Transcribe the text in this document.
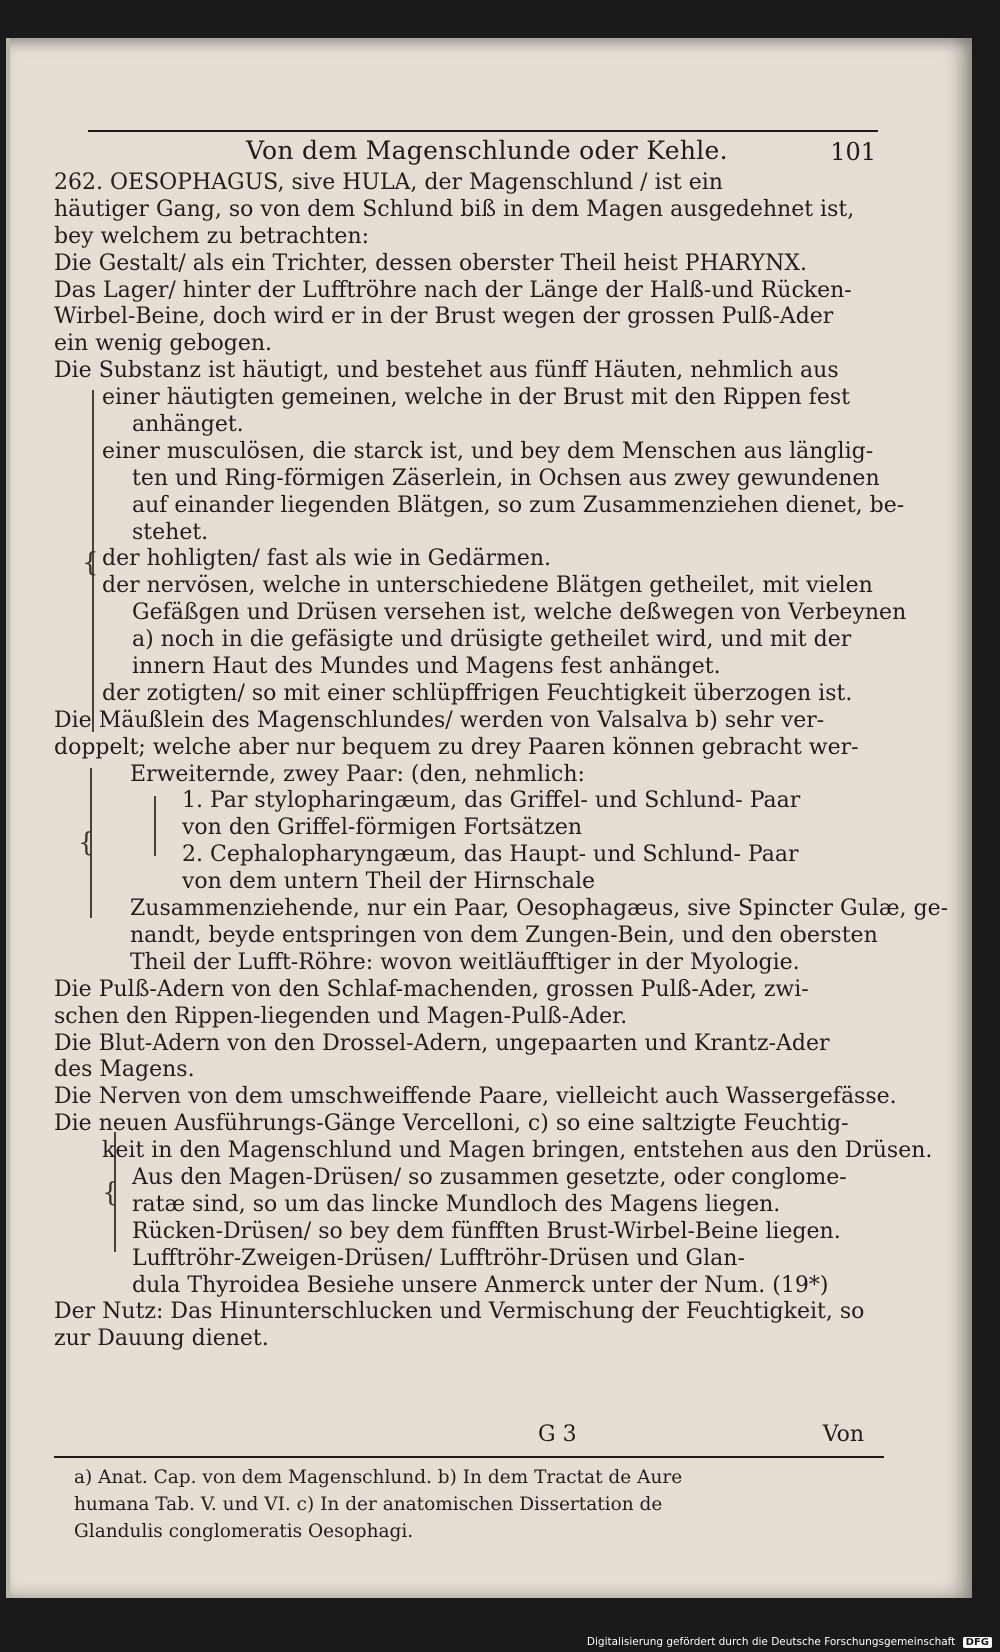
Von dem Magenschlunde oder Kehle.	101
{
{
{
262. OESOPHAGUS, sive HULA, der Magenschlund / ist ein
häutiger Gang, so von dem Schlund biß in dem Magen ausgedehnet ist,
bey welchem zu betrachten:
Die Gestalt/ als ein Trichter, dessen oberster Theil heist PHARYNX.
Das Lager/ hinter der Lufftröhre nach der Länge der Halß-und Rücken-
Wirbel-Beine, doch wird er in der Brust wegen der grossen Pulß-Ader
ein wenig gebogen.
Die Substanz ist häutigt, und bestehet aus fünff Häuten, nehmlich aus
einer häutigten gemeinen, welche in der Brust mit den Rippen fest
anhänget.
einer musculösen, die starck ist, und bey dem Menschen aus länglig-
ten und Ring-förmigen Zäserlein, in Ochsen aus zwey gewundenen
auf einander liegenden Blätgen, so zum Zusammenziehen dienet, be-
stehet.
der hohligten/ fast als wie in Gedärmen.
der nervösen, welche in unterschiedene Blätgen getheilet, mit vielen
Gefäßgen und Drüsen versehen ist, welche deßwegen von Verbeynen
a) noch in die gefäsigte und drüsigte getheilet wird, und mit der
innern Haut des Mundes und Magens fest anhänget.
der zotigten/ so mit einer schlüpffrigen Feuchtigkeit überzogen ist.
Die Mäußlein des Magenschlundes/ werden von Valsalva b) sehr ver-
doppelt; welche aber nur bequem zu drey Paaren können gebracht wer-
Erweiternde, zwey Paar: (den, nehmlich:
1. Par stylopharingæum, das Griffel- und Schlund- Paar
von den Griffel-förmigen Fortsätzen
2. Cephalopharyngæum, das Haupt- und Schlund- Paar
von dem untern Theil der Hirnschale
Zusammenziehende, nur ein Paar, Oesophagæus, sive Spincter Gulæ, ge-
nandt, beyde entspringen von dem Zungen-Bein, und den obersten
Theil der Lufft-Röhre: wovon weitläufftiger in der Myologie.
Die Pulß-Adern von den Schlaf-machenden, grossen Pulß-Ader, zwi-
schen den Rippen-liegenden und Magen-Pulß-Ader.
Die Blut-Adern von den Drossel-Adern, ungepaarten und Krantz-Ader
des Magens.
Die Nerven von dem umschweiffende Paare, vielleicht auch Wassergefässe.
Die neuen Ausführungs-Gänge Vercelloni, c) so eine saltzigte Feuchtig-
keit in den Magenschlund und Magen bringen, entstehen aus den Drüsen.
Aus den Magen-Drüsen/ so zusammen gesetzte, oder conglome-
ratæ sind, so um das lincke Mundloch des Magens liegen.
Rücken-Drüsen/ so bey dem fünfften Brust-Wirbel-Beine liegen.
Lufftröhr-Zweigen-Drüsen/ Lufftröhr-Drüsen und Glan-
dula Thyroidea Besiehe unsere Anmerck unter der Num. (19*)
Der Nutz: Das Hinunterschlucken und Vermischung der Feuchtigkeit, so
zur Dauung dienet.
G 3	Von
a) Anat. Cap. von dem Magenschlund. b) In dem Tractat de Aure
humana Tab. V. und VI. c) In der anatomischen Dissertation de
Glandulis conglomeratis Oesophagi.
Digitalisierung gefördert durch die Deutsche Forschungsgemeinschaft DFG
